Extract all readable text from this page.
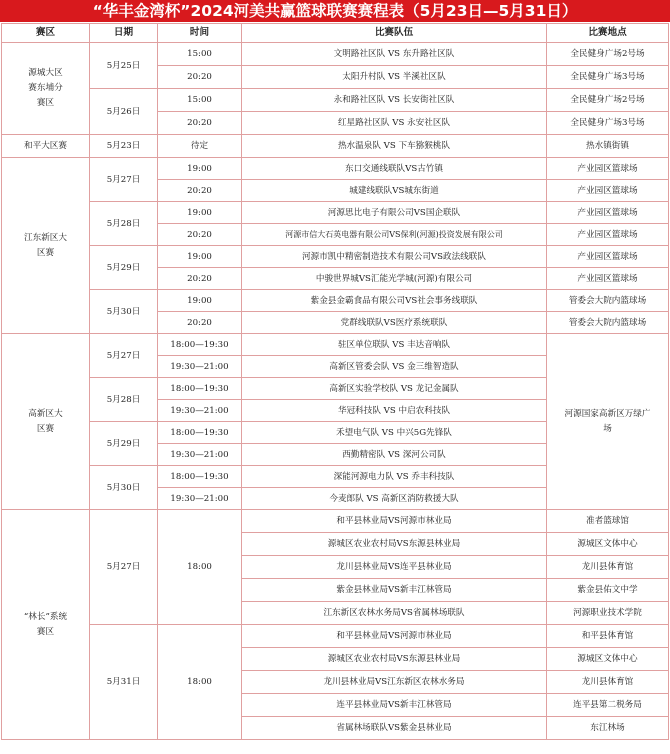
“华丰金湾杯”2024河美共赢篮球联赛赛程表（5月23日—5月31日）
赛区	日期	时间	比赛队伍	比赛地点

源城大区赛东埔分赛区	5月25日	15:00	文明路社区队 VS 东升路社区队	全民健身广场2号场
		20:20	太阳升村队 VS 半溪社区队	全民健身广场3号场
	5月26日	15:00	永和路社区队 VS 长安街社区队	全民健身广场2号场
		20:20	红星路社区队 VS 永安社区队	全民健身广场3号场
和平大区赛	5月23日	待定	热水温泉队 VS 下车猕猴桃队	热水镇街镇

江东新区大区赛	5月27日	19:00	东口交通线联队VS古竹镇	产业园区篮球场
		20:20	城建线联队VS城东街道	产业园区篮球场
	5月28日	19:00	河源思比电子有限公司VS国企联队	产业园区篮球场
		20:20	河源市信大石英电器有限公司VS保利(河源)投资发展有限公司	产业园区篮球场
	5月29日	19:00	河源市凯中精密制造技术有限公司VS政法线联队	产业园区篮球场
		20:20	中骏世界城VS汇能光学城(河源)有限公司	产业园区篮球场
	5月30日	19:00	紫金县金霸食品有限公司VS社会事务线联队	管委会大院内篮球场
		20:20	党群线联队VS医疗系统联队	管委会大院内篮球场

高新区大区赛	5月27日	18:00—19:30	驻区单位联队 VS 丰达音响队	河源国家高新区万绿广场

		19:30—21:00	高新区管委会队 VS 金三维智造队	
	5月28日	18:00—19:30	高新区实验学校队 VS 龙记金属队	
		19:30—21:00	华冠科技队 VS 中启农科技队	
	5月29日	18:00—19:30	禾望电气队 VS 中兴5G先锋队	
		19:30—21:00	西勤精密队 VS 深河公司队	
	5月30日	18:00—19:30	深能河源电力队 VS 乔丰科技队	
		19:30—21:00	今麦郎队 VS 高新区消防救援大队	

“林长”系统赛区	5月27日	18:00	和平县林业局VS河源市林业局	准者篮球馆
			源城区农业农村局VS东源县林业局	源城区文体中心
			龙川县林业局VS连平县林业局	龙川县体育馆
			紫金县林业局VS新丰江林管局	紫金县佑文中学
			江东新区农林水务局VS省属林场联队	河源职业技术学院
	5月31日	18:00	和平县林业局VS河源市林业局	和平县体育馆
			源城区农业农村局VS东源县林业局	源城区文体中心
			龙川县林业局VS江东新区农林水务局	龙川县体育馆
			连平县林业局VS新丰江林管局	连平县第二税务局
			省属林场联队VS紫金县林业局	东江林场
